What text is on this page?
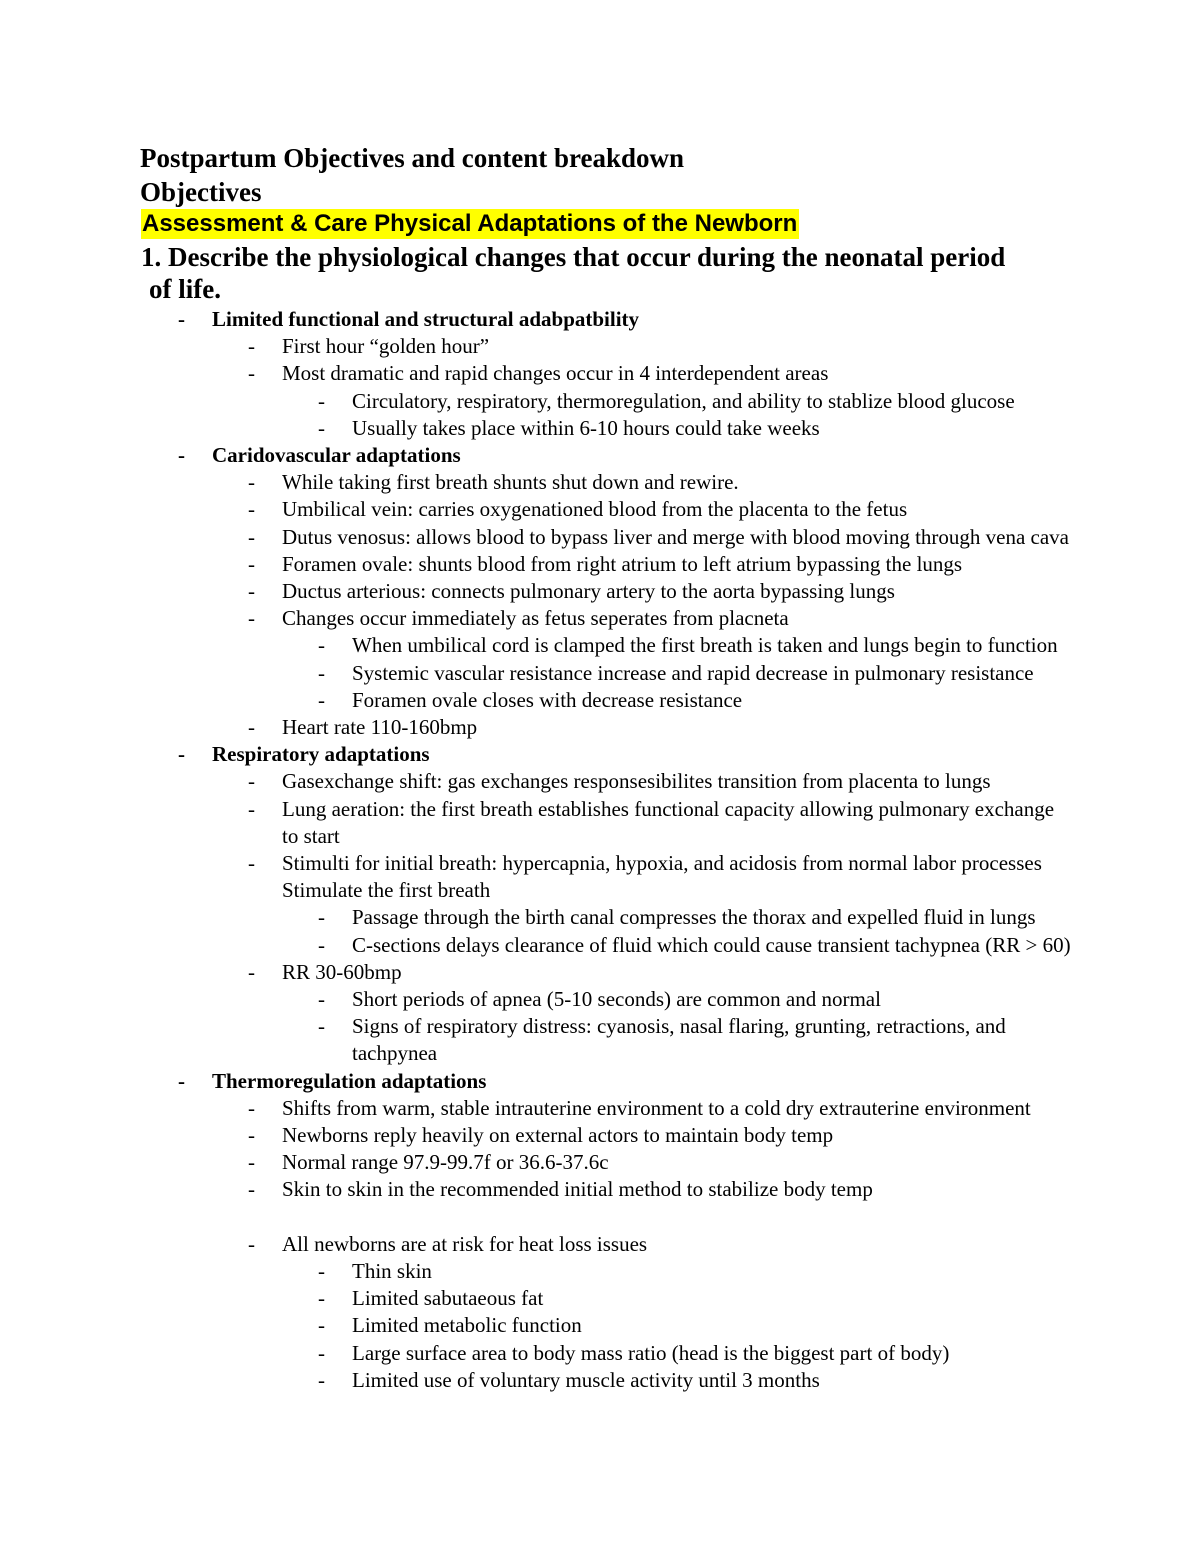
Postpartum Objectives and content breakdown
Objectives
Assessment & Care Physical Adaptations of the Newborn
1. Describe the physiological changes that occur during the neonatal period
of life.
- Limited functional and structural adabpatbility
- First hour “golden hour”
- Most dramatic and rapid changes occur in 4 interdependent areas
- Circulatory, respiratory, thermoregulation, and ability to stablize blood glucose
- Usually takes place within 6-10 hours could take weeks
- Caridovascular adaptations
- While taking first breath shunts shut down and rewire.
- Umbilical vein: carries oxygenationed blood from the placenta to the fetus
- Dutus venosus: allows blood to bypass liver and merge with blood moving through vena cava
- Foramen ovale: shunts blood from right atrium to left atrium bypassing the lungs
- Ductus arterious: connects pulmonary artery to the aorta bypassing lungs
- Changes occur immediately as fetus seperates from placneta
- When umbilical cord is clamped the first breath is taken and lungs begin to function
- Systemic vascular resistance increase and rapid decrease in pulmonary resistance
- Foramen ovale closes with decrease resistance
- Heart rate 110-160bmp
- Respiratory adaptations
- Gasexchange shift: gas exchanges responsesibilites transition from placenta to lungs
- Lung aeration: the first breath establishes functional capacity allowing pulmonary exchange
to start
- Stimulti for initial breath: hypercapnia, hypoxia, and acidosis from normal labor processes
Stimulate the first breath
- Passage through the birth canal compresses the thorax and expelled fluid in lungs
- C-sections delays clearance of fluid which could cause transient tachypnea (RR > 60)
- RR 30-60bmp
- Short periods of apnea (5-10 seconds) are common and normal
- Signs of respiratory distress: cyanosis, nasal flaring, grunting, retractions, and
tachpynea
- Thermoregulation adaptations
- Shifts from warm, stable intrauterine environment to a cold dry extrauterine environment
- Newborns reply heavily on external actors to maintain body temp
- Normal range 97.9-99.7f or 36.6-37.6c
- Skin to skin in the recommended initial method to stabilize body temp
- All newborns are at risk for heat loss issues
- Thin skin
- Limited sabutaeous fat
- Limited metabolic function
- Large surface area to body mass ratio (head is the biggest part of body)
- Limited use of voluntary muscle activity until 3 months
